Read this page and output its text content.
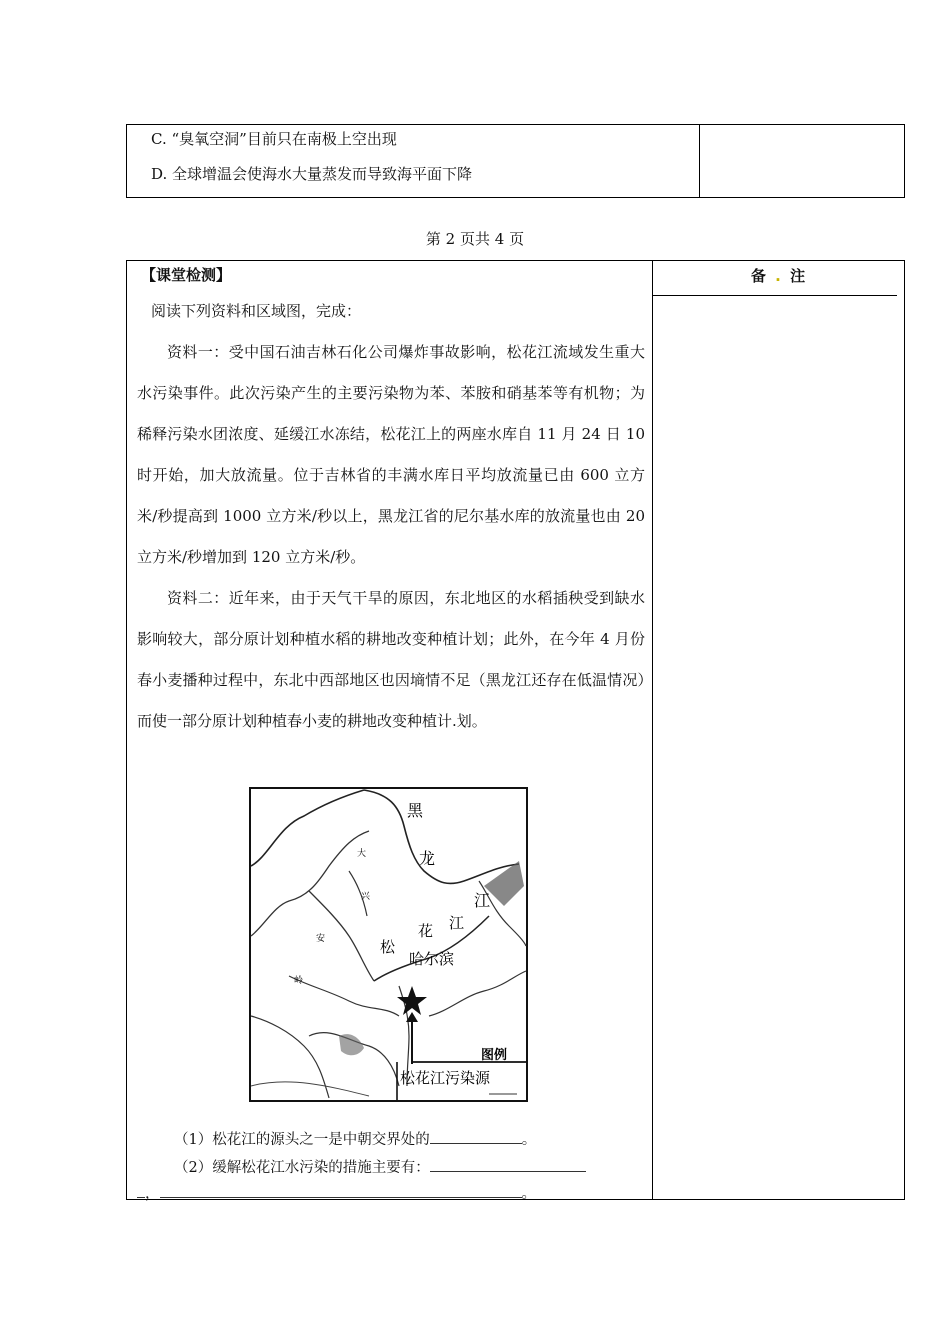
C. “臭氧空洞”目前只在南极上空出现
D. 全球增温会使海水大量蒸发而导致海平面下降
第 2 页共 4 页
【课堂检测】	备 . 注

阅读下列资料和区域图，完成：

资料一：受中国石油吉林石化公司爆炸事故影响，松花江流域发生重大水污染事件。此次污染产生的主要污染物为苯、苯胺和硝基苯等有机物；为稀释污染水团浓度、延缓江水冻结，松花江上的两座水库自 11 月 24 日 10 时开始，加大放流量。位于吉林省的丰满水库日平均放流量已由 600 立方米/秒提高到 1000 立方米/秒以上，黑龙江省的尼尔基水库的放流量也由 20 立方米/秒增加到 120 立方米/秒。

资料二：近年来，由于天气干旱的原因，东北地区的水稻插秧受到缺水影响较大，部分原计划种植水稻的耕地改变种植计划；此外，在今年 4 月份春小麦播种过程中，东北中西部地区也因墒情不足（黑龙江还存在低温情况）而使一部分原计划种植春小麦的耕地改变种植计.划。

黑
龙
江
江
大
兴
安
岭
松
花
哈尔滨
图例
松花江污染源
（1）松花江的源头之一是中朝交界处的	。
（2）缓解松花江水污染的措施主要有：
，	。
